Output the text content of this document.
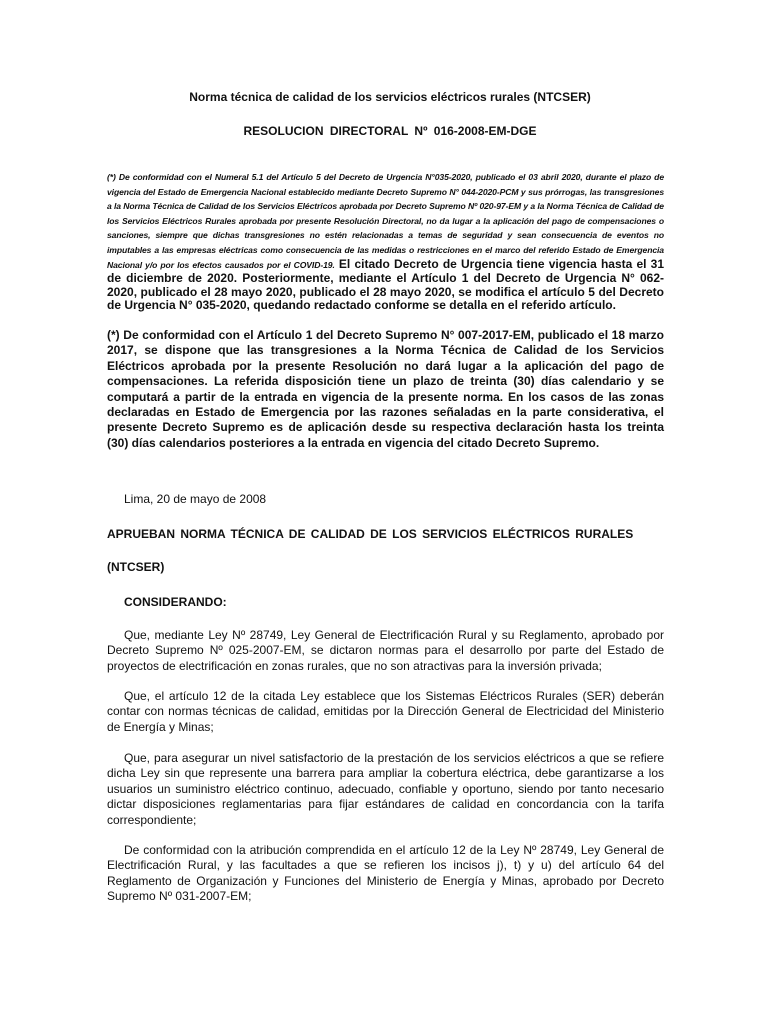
Norma técnica de calidad de los servicios eléctricos rurales (NTCSER)

RESOLUCION DIRECTORAL Nº 016-2008-EM-DGE

(*) De conformidad con el Numeral 5.1 del Artículo 5 del Decreto de Urgencia N°035-2020, publicado el 03 abril 2020, durante el plazo de vigencia del Estado de Emergencia Nacional establecido mediante Decreto Supremo N° 044-2020-PCM y sus prórrogas, las transgresiones a la Norma Técnica de Calidad de los Servicios Eléctricos aprobada por Decreto Supremo Nº 020-97-EM y a la Norma Técnica de Calidad de los Servicios Eléctricos Rurales aprobada por presente Resolución Directoral, no da lugar a la aplicación del pago de compensaciones o sanciones, siempre que dichas transgresiones no estén relacionadas a temas de seguridad y sean consecuencia de eventos no imputables a las empresas eléctricas como consecuencia de las medidas o restricciones en el marco del referido Estado de Emergencia Nacional y/o por los efectos causados por el COVID-19. El citado Decreto de Urgencia tiene vigencia hasta el 31 de diciembre de 2020. Posteriormente, mediante el Artículo 1 del Decreto de Urgencia N° 062-2020, publicado el 28 mayo 2020, publicado el 28 mayo 2020, se modifica el artículo 5 del Decreto de Urgencia N° 035-2020, quedando redactado conforme se detalla en el referido artículo.

(*) De conformidad con el Artículo 1 del Decreto Supremo N° 007-2017-EM, publicado el 18 marzo 2017, se dispone que las transgresiones a la Norma Técnica de Calidad de los Servicios Eléctricos aprobada por la presente Resolución no dará lugar a la aplicación del pago de compensaciones. La referida disposición tiene un plazo de treinta (30) días calendario y se computará a partir de la entrada en vigencia de la presente norma. En los casos de las zonas declaradas en Estado de Emergencia por las razones señaladas en la parte considerativa, el presente Decreto Supremo es de aplicación desde su respectiva declaración hasta los treinta (30) días calendarios posteriores a la entrada en vigencia del citado Decreto Supremo.

Lima, 20 de mayo de 2008

APRUEBAN NORMA TÉCNICA DE CALIDAD DE LOS SERVICIOS ELÉCTRICOS RURALES

(NTCSER)

CONSIDERANDO:

Que, mediante Ley Nº 28749, Ley General de Electrificación Rural y su Reglamento, aprobado por Decreto Supremo Nº 025-2007-EM, se dictaron normas para el desarrollo por parte del Estado de proyectos de electrificación en zonas rurales, que no son atractivas para la inversión privada;

Que, el artículo 12 de la citada Ley establece que los Sistemas Eléctricos Rurales (SER) deberán contar con normas técnicas de calidad, emitidas por la Dirección General de Electricidad del Ministerio de Energía y Minas;

Que, para asegurar un nivel satisfactorio de la prestación de los servicios eléctricos a que se refiere dicha Ley sin que represente una barrera para ampliar la cobertura eléctrica, debe garantizarse a los usuarios un suministro eléctrico continuo, adecuado, confiable y oportuno, siendo por tanto necesario dictar disposiciones reglamentarias para fijar estándares de calidad en concordancia con la tarifa correspondiente;

De conformidad con la atribución comprendida en el artículo 12 de la Ley Nº 28749, Ley General de Electrificación Rural, y las facultades a que se refieren los incisos j), t) y u) del artículo 64 del Reglamento de Organización y Funciones del Ministerio de Energía y Minas, aprobado por Decreto Supremo Nº 031-2007-EM;
